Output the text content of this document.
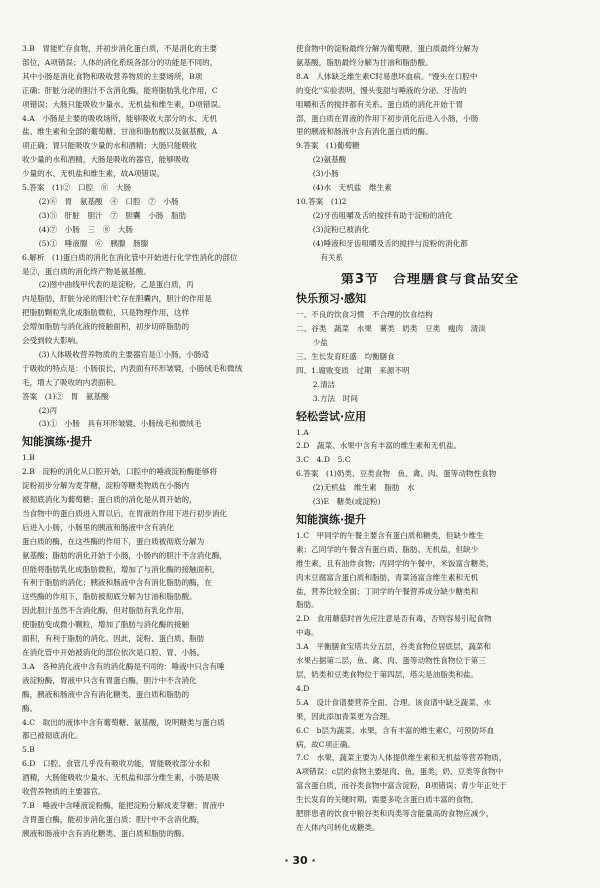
3.B　胃能贮存食物，并初步消化蛋白质，不是消化的主要
部位，A项错误；人体的消化系统各部分的功能是不同的，
其中小肠是消化食物和吸收营养物质的主要场所，B项
正确；肝脏分泌的胆汁不含消化酶，能将脂肪乳化作用，C
项错误；大肠只能吸收少量水、无机盐和维生素，D项错误。
4.A　小肠是主要的吸收场所，能够吸收大部分的水、无机
盐、维生素和全部的葡萄糖、甘油和脂肪酸以及氨基酸，A
项正确；胃只能吸收少量的水和酒精；大肠只能吸收
收少量的水和酒精，大肠是吸收的器官，能够吸收
少量的水、无机盐和维生素，故A项错误。
5.答案　(1)②　口腔　⑧　大肠
(2)⑥　胃　氨基酸　④　口腔　⑦　小肠
(3)⑤　肝脏　胆汁　⑦　胆囊　小肠　脂肪
(4)⑦　小肠　三　⑧　大肠
(5)①　唾液腺　⑥　胰腺　肠腺
6.解析　(1)蛋白质的消化在消化管中开始进行化学性消化的部位
是②，蛋白质的消化终产物是氨基酸。
(2)图中曲线甲代表的是淀粉，乙是蛋白质，丙
内是脂肪，肝脏分泌的胆汁贮存在胆囊内，胆汁的作用是
把脂肪颗粒乳化成脂肪微粒，只是物理作用，这样
会增加脂肪与消化液的接触面积，初步切碎脂肪的
会受到较大影响。
(3)人体吸收营养物质的主要器官是①小肠，小肠适
于吸收的特点是：小肠很长，内表面有环形皱襞，小肠绒毛和微绒
毛，增大了吸收的内表面积。
答案　(1)②　胃　氨基酸
(2)丙
(3)①　小肠　具有环形皱襞、小肠绒毛和微绒毛
知能演练·提升
1.B
2.B　淀粉的消化从口腔开始，口腔中的唾液淀粉酶能够将
淀粉初步分解为麦芽糖，淀粉等糖类物质在小肠内
被彻底消化为葡萄糖；蛋白质的消化是从胃开始的，
当食物中的蛋白质进入胃以后，在胃液的作用下进行初步消化
后进入小肠，小肠里的胰液和肠液中含有消化
蛋白质的酶，在这些酶的作用下，蛋白质被彻底分解为
氨基酸；脂肪的消化开始于小肠，小肠内的胆汁不含消化酶，
但能将脂肪乳化成脂肪微粒，增加了与消化酶的接触面积，
有利于脂肪的消化；胰液和肠液中含有消化脂肪的酶，在
这些酶的作用下，脂肪被彻底分解为甘油和脂肪酸。
因此胆汁虽然不含消化酶，但对脂肪有乳化作用，
使脂肪变成微小颗粒，增加了脂肪与消化酶的接触
面积，有利于脂肪的消化。因此，淀粉、蛋白质、脂肪
在消化管中开始被消化的部位依次是口腔、胃、小肠。
3.A　各种消化液中含有的消化酶是不同的：唾液中只含有唾
液淀粉酶，胃液中只含有胃蛋白酶，胆汁中不含消化
酶，胰液和肠液中含有消化糖类、蛋白质和脂肪的
酶。
4.C　取出的液体中含有葡萄糖、氨基酸，说明糖类与蛋白质
都已被彻底消化。
5.B
6.D　口腔、食管几乎没有吸收功能，胃能吸收部分水和
酒精，大肠能吸收少量水、无机盐和部分维生素，小肠是吸
收营养物质的主要器官。
7.B　唾液中含唾液淀粉酶，能把淀粉分解成麦芽糖；胃液中
含胃蛋白酶，能初步消化蛋白质；胆汁中不含消化酶，
胰液和肠液中含有消化糖类、蛋白质和脂肪的酶。
使食物中的淀粉最终分解为葡萄糖，蛋白质最终分解为
氨基酸，脂肪最终分解为甘油和脂肪酸。
8.A　人体缺乏维生素C时易患坏血病。"馒头在口腔中
的变化"实验表明，馒头变甜与唾液的分泌、牙齿的
咀嚼和舌的搅拌都有关系。蛋白质的消化开始于胃
部，蛋白质在胃液的作用下初步消化后进入小肠，小肠
里的胰液和肠液中含有消化蛋白质的酶。
9.答案　(1)葡萄糖
(2)氨基酸
(3)小肠
(4)水　无机盐　维生素
10.答案　(1)2
(2)牙齿咀嚼及舌的搅拌有助于淀粉的消化
(3)淀粉已被消化
(4)唾液和牙齿咀嚼及舌的搅拌与淀粉的消化都
有关系
第3节　合理膳食与食品安全
快乐预习·感知
一、不良的饮食习惯　不合理的饮食结构
二、谷类　蔬菜　水果　薯类　奶类　豆类　瘦肉　清淡
少盐
三、生长发育旺盛　均衡膳食
四、1.腐败变质　过期　来源不明
2.清洁
3.方法　时间
轻松尝试·应用
1.A
2.D　蔬菜、水果中含有丰富的维生素和无机盐。
3.C　4.D　5.C
6.答案　(1)奶类、豆类食物　鱼、禽、肉、蛋等动物性食物
(2)无机盐　维生素　脂肪　水
(3)E　糖类(或淀粉)
知能演练·提升
1.C　甲同学的午餐主要含有蛋白质和糖类，但缺少维生
素；乙同学的午餐含有蛋白质、脂肪、无机盐，但缺少
维生素，且有油炸食物；丙同学的午餐中，米饭富含糖类，
肉末豆腐富含蛋白质和脂肪，青菜汤富含维生素和无机
盐，营养比较全面；丁同学的午餐营养成分缺少糖类和
脂肪。
2.D　食用蘑菇时首先应注意是否有毒，否则容易引起食物
中毒。
3.A　平衡膳食宝塔共分五层，谷类食物位居底层，蔬菜和
水果占据第二层，鱼、禽、肉、蛋等动物性食物位于第三
层，奶类和豆类食物位于第四层，塔尖是油脂类和盐。
4.D
5.A　设计食谱要营养全面、合理。该食谱中缺乏蔬菜、水
果，因此添加青菜更为合理。
6.C　b层为蔬菜、水果，含有丰富的维生素C，可预防坏血
病，故C项正确。
7.C　水果、蔬菜主要为人体提供维生素和无机盐等营养物质，
A项错误；c层的食物主要是肉、鱼、蛋类，奶、豆类等食物中
富含蛋白质，而谷类食物中富含淀粉，B项错误；青少年正处于
生长发育的关键时期，需要多吃含蛋白质丰富的食物，
肥胖患者的饮食中粮谷类和肉类等含能量高的食物应减少，
在人体内可转化成糖类。
· 30 ·
